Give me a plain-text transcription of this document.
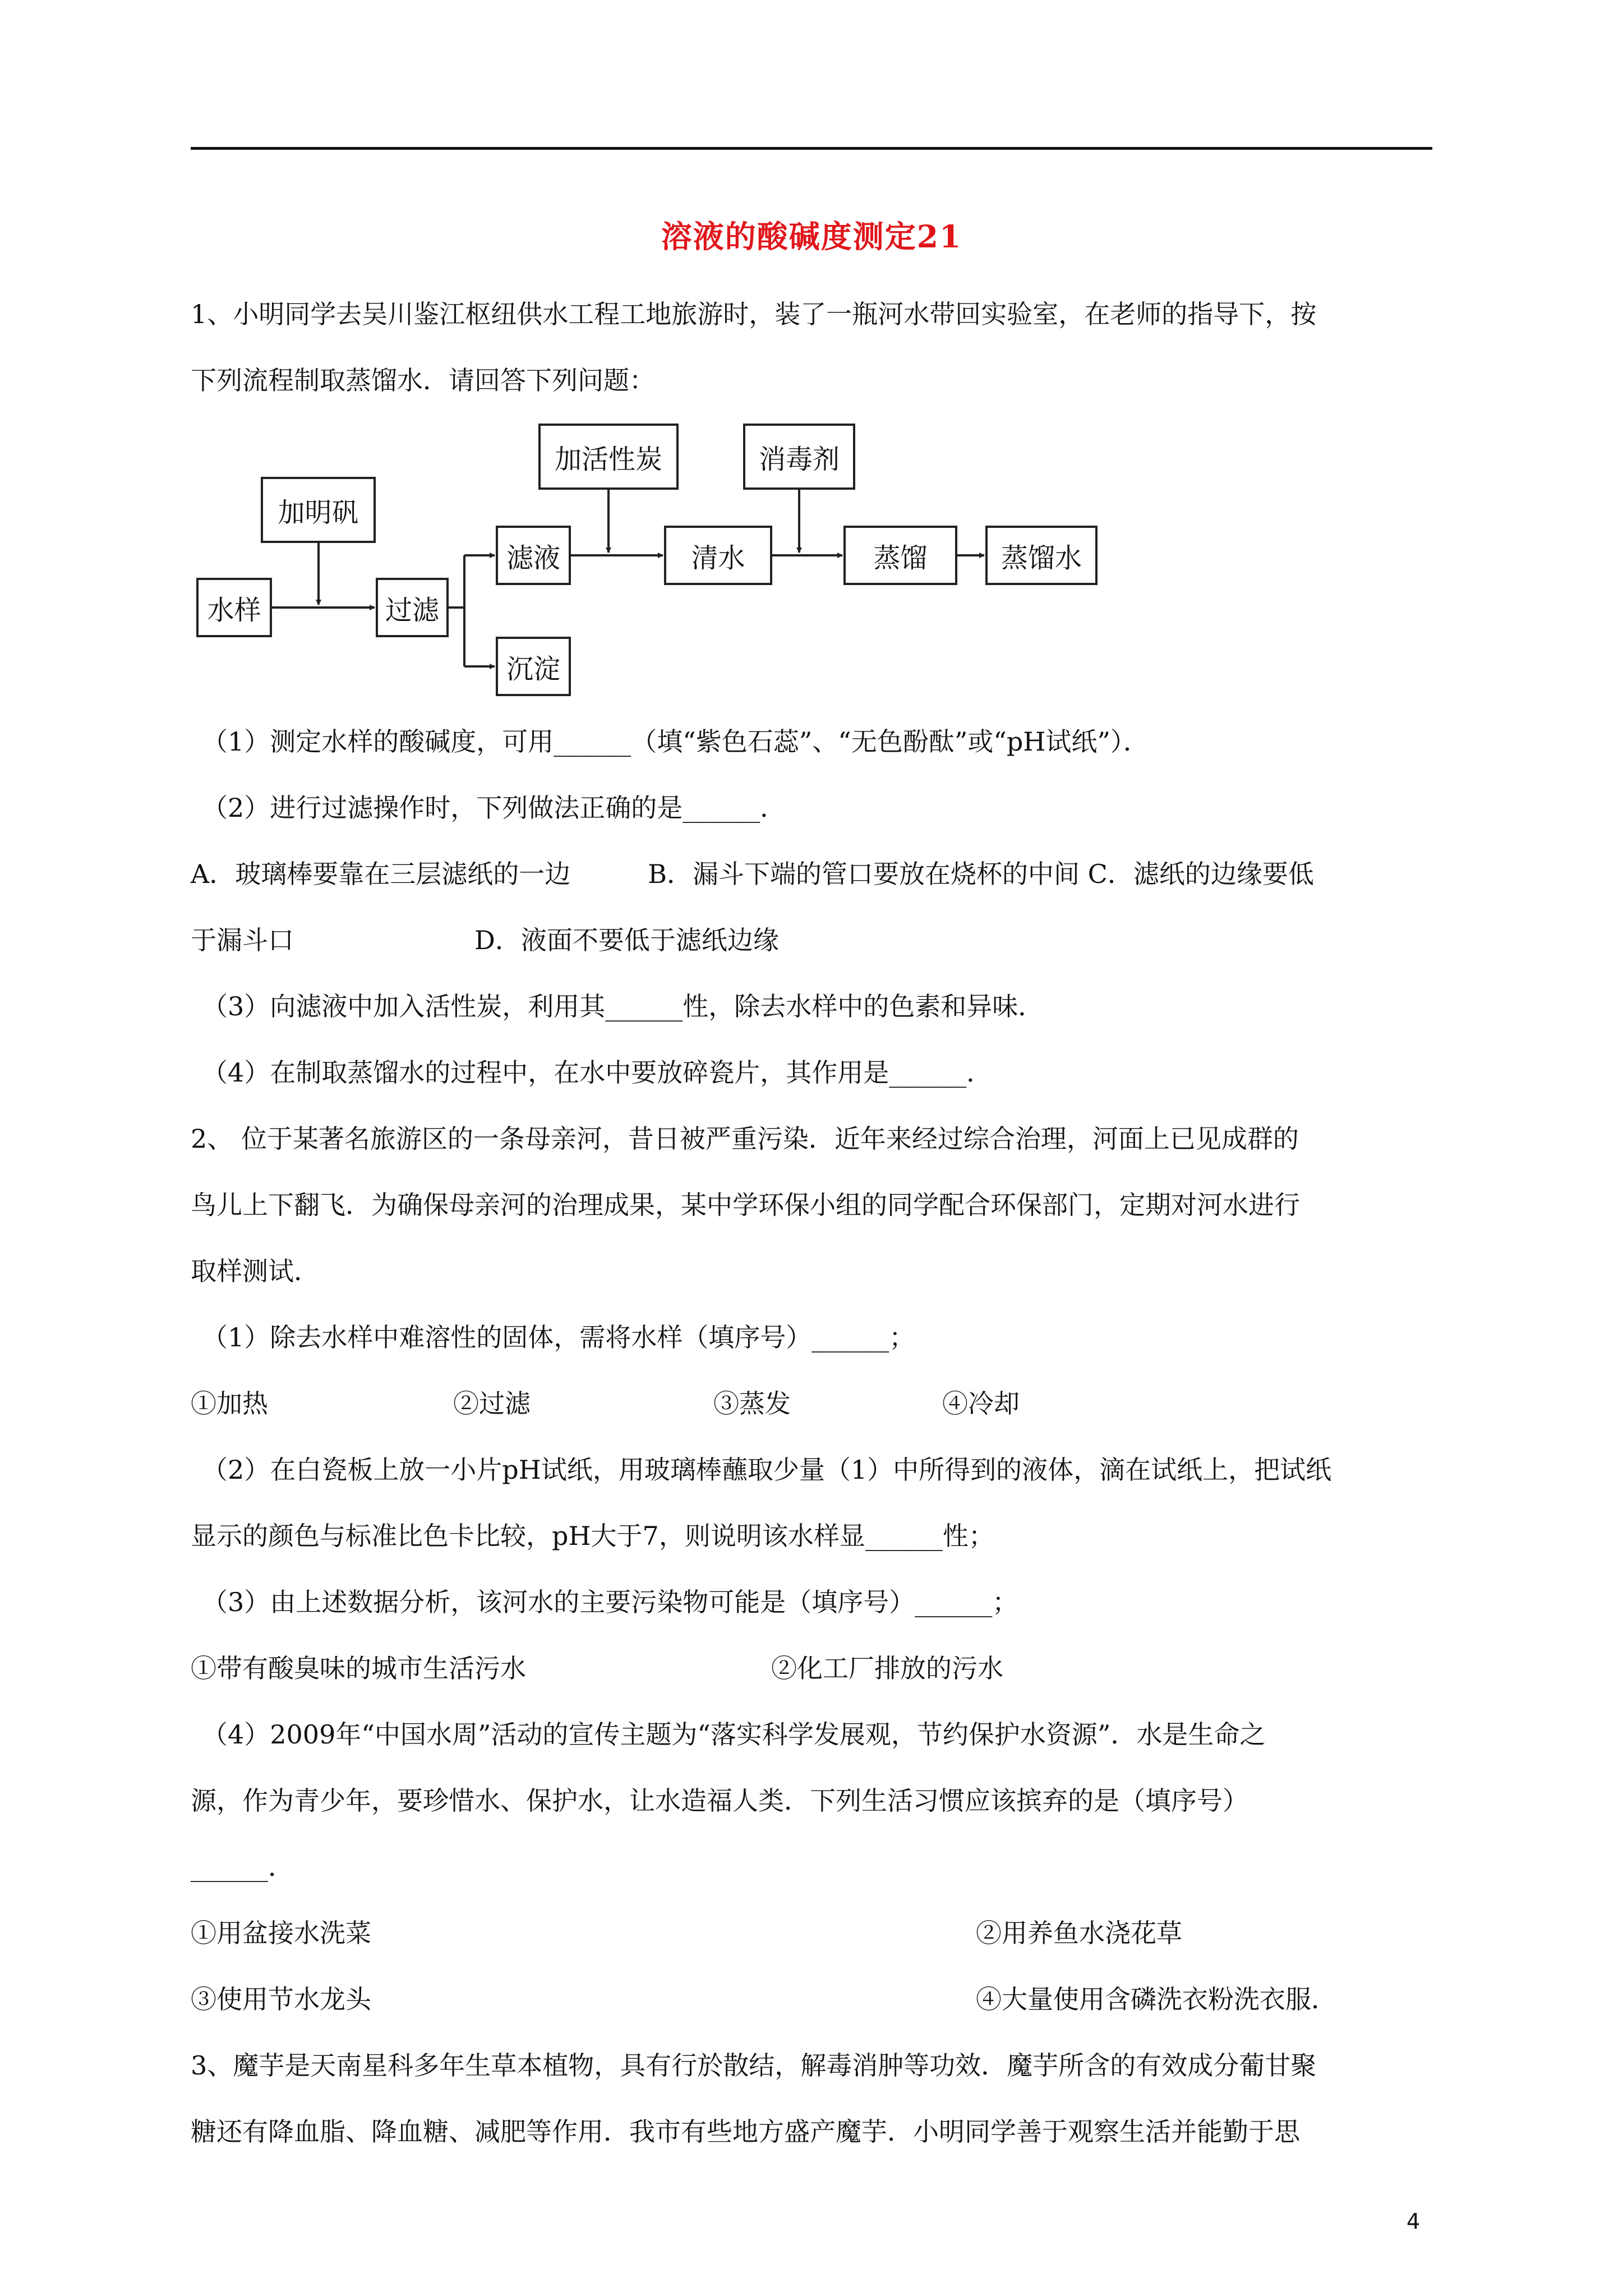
溶液的酸碱度测定21
1、小明同学去吴川鉴江枢纽供水工程工地旅游时，装了一瓶河水带回实验室，在老师的指导下，按
下列流程制取蒸馏水．请回答下列问题：
水样
加明矾
过滤
滤液
沉淀
加活性炭
清水
消毒剂
蒸馏	蒸馏水
（1）测定水样的酸碱度，可用______（填“紫色石蕊”、“无色酚酞”或“pH试纸”）．
（2）进行过滤操作时，下列做法正确的是______．
A．玻璃棒要靠在三层滤纸的一边　　　B．漏斗下端的管口要放在烧杯的中间 C．滤纸的边缘要低
于漏斗口　　　　　　　D．液面不要低于滤纸边缘
（3）向滤液中加入活性炭，利用其______性，除去水样中的色素和异味．
（4）在制取蒸馏水的过程中，在水中要放碎瓷片，其作用是______．
2、 位于某著名旅游区的一条母亲河，昔日被严重污染．近年来经过综合治理，河面上已见成群的
鸟儿上下翻飞．为确保母亲河的治理成果，某中学环保小组的同学配合环保部门，定期对河水进行
取样测试．
（1）除去水样中难溶性的固体，需将水样（填序号）______；
①加热	②过滤	③蒸发	④冷却
（2）在白瓷板上放一小片pH试纸，用玻璃棒蘸取少量（1）中所得到的液体，滴在试纸上，把试纸
显示的颜色与标准比色卡比较，pH大于7，则说明该水样显______性；
（3）由上述数据分析，该河水的主要污染物可能是（填序号）______；
①带有酸臭味的城市生活污水	②化工厂排放的污水
（4）2009年“中国水周”活动的宣传主题为“落实科学发展观，节约保护水资源”．水是生命之
源，作为青少年，要珍惜水、保护水，让水造福人类．下列生活习惯应该摈弃的是（填序号）
______．
①用盆接水洗菜	②用养鱼水浇花草
③使用节水龙头	④大量使用含磷洗衣粉洗衣服．
3、魔芋是天南星科多年生草本植物，具有行於散结，解毒消肿等功效．魔芋所含的有效成分葡甘聚
糖还有降血脂、降血糖、减肥等作用．我市有些地方盛产魔芋．小明同学善于观察生活并能勤于思
4
